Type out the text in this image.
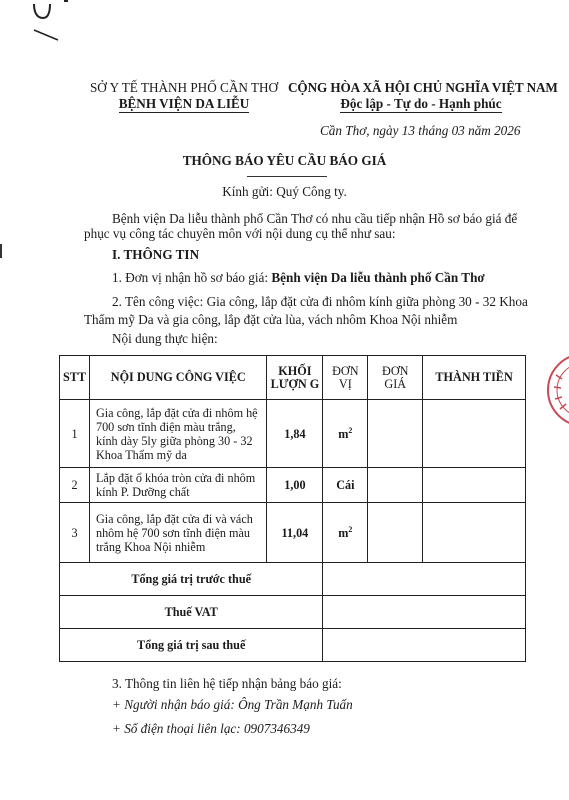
SỞ Y TẾ THÀNH PHỐ CẦN THƠ
BỆNH VIỆN DA LIỄU
CỘNG HÒA XÃ HỘI CHỦ NGHĨA VIỆT NAM
Độc lập - Tự do - Hạnh phúc
Cần Thơ, ngày 13 tháng 03 năm 2026
THÔNG BÁO YÊU CẦU BÁO GIÁ
Kính gửi: Quý Công ty.
Bệnh viện Da liễu thành phố Cần Thơ có nhu cầu tiếp nhận Hồ sơ báo giá để phục vụ công tác chuyên môn với nội dung cụ thể như sau:
I. THÔNG TIN
1. Đơn vị nhận hồ sơ báo giá: Bệnh viện Da liễu thành phố Cần Thơ
2. Tên công việc: Gia công, lắp đặt cửa đi nhôm kính giữa phòng 30 - 32 Khoa Thẩm mỹ Da và gia công, lắp đặt cửa lùa, vách nhôm Khoa Nội nhiễm
Nội dung thực hiện:
STT	NỘI DUNG CÔNG VIỆC	KHỐI LƯỢN G	ĐƠN VỊ	ĐƠN GIÁ	THÀNH TIỀN
1	Gia công, lắp đặt cửa đi nhôm hệ 700 sơn tĩnh điện màu trắng, kính dày 5ly giữa phòng 30 - 32 Khoa Thẩm mỹ da	1,84	$m^2$		
2	Lắp đặt ổ khóa tròn cửa đi nhôm kính P. Dưỡng chất	1,00	Cái		
3	Gia công, lắp đặt cửa đi và vách nhôm hệ 700 sơn tĩnh điện màu trắng Khoa Nội nhiễm	11,04	$m^2$		
Tổng giá trị trước thuế					
Thuế VAT					
Tổng giá trị sau thuế					
3. Thông tin liên hệ tiếp nhận bảng báo giá:
+ Người nhận báo giá: Ông Trần Mạnh Tuấn
+ Số điện thoại liên lạc: 0907346349
